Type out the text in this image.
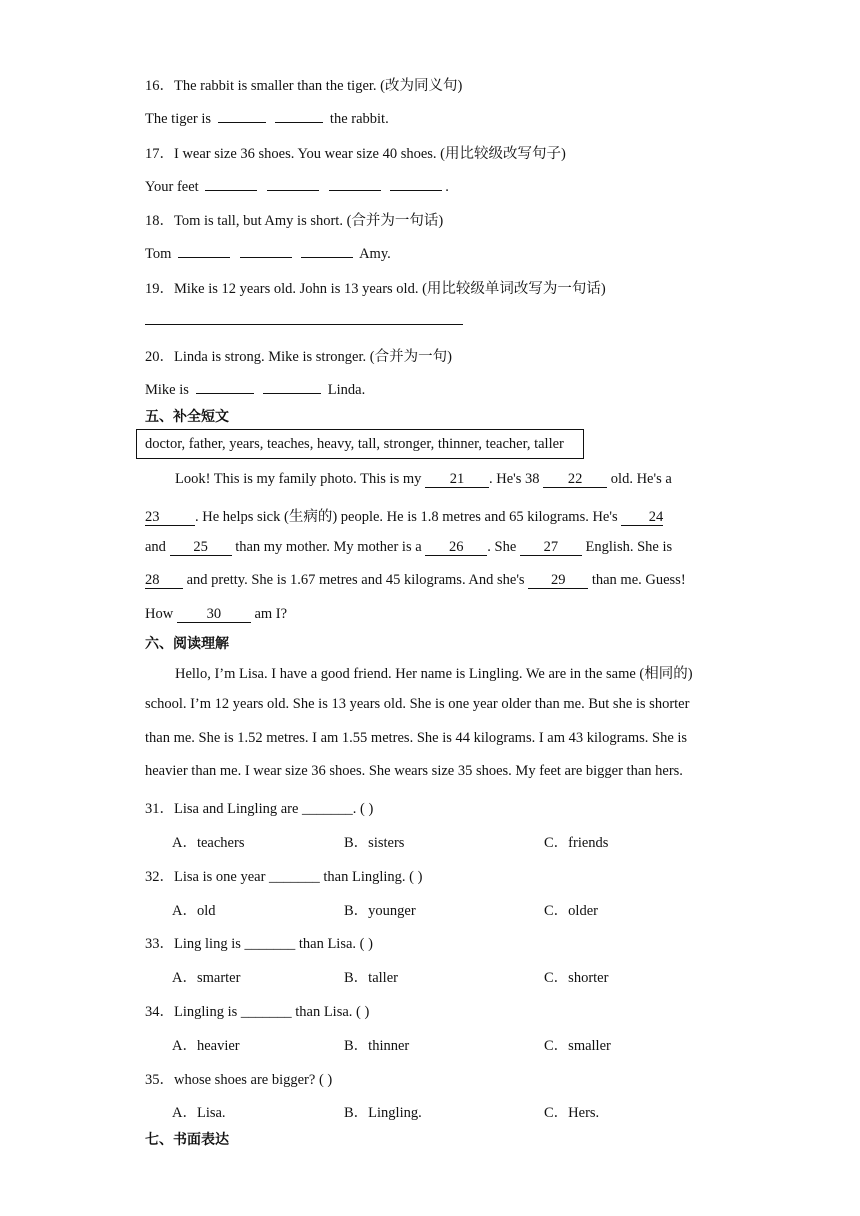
16．The rabbit is smaller than the tiger. (改为同义句)
The tiger is	the rabbit.
17．I wear size 36 shoes. You wear size 40 shoes. (用比较级改写句子)
Your feet	.
18．Tom is tall, but Amy is short. (合并为一句话)
Tom	Amy.
19．Mike is 12 years old. John is 13 years old. (用比较级单词改写为一句话)
20．Linda is strong. Mike is stronger. (合并为一句)
Mike is	Linda.
五、补全短文
doctor, father, years, teaches, heavy, tall, stronger, thinner, teacher, taller
Look! This is my family photo. This is my 21 . He's 38 22 old. He's a
23 . He helps sick (生病的) people. He is 1.8 metres and 65 kilograms. He's 24
and 25 than my mother. My mother is a 26 . She 27 English. She is
28 and pretty. She is 1.67 metres and 45 kilograms. And she's 29 than me. Guess!
How 30 am I?
六、阅读理解
Hello, I’m Lisa. I have a good friend. Her name is Lingling. We are in the same (相同的)
school. I’m 12 years old. She is 13 years old. She is one year older than me. But she is shorter
than me. She is 1.52 metres. I am 1.55 metres. She is 44 kilograms. I am 43 kilograms. She is
heavier than me. I wear size 36 shoes. She wears size 35 shoes. My feet are bigger than hers.
31．Lisa and Lingling are _______. ( )
A．teachers	B．sisters	C．friends
32．Lisa is one year _______ than Lingling. ( )
A．old	B．younger	C．older
33．Ling ling is _______ than Lisa. ( )
A．smarter	B．taller	C．shorter
34．Lingling is _______ than Lisa. ( )
A．heavier	B．thinner	C．smaller
35．whose shoes are bigger? ( )
A．Lisa.	B．Lingling.	C．Hers.
七、书面表达
